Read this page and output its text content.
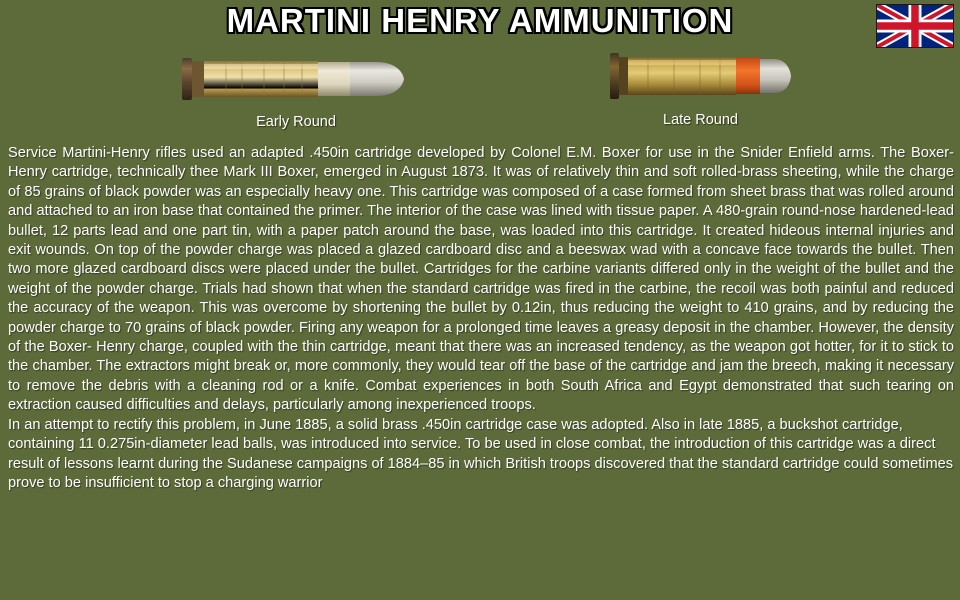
MARTINI HENRY AMMUNITION
Early Round	Late Round

Service Martini-Henry rifles used an adapted .450in cartridge developed by Colonel E.M. Boxer for use in the Snider Enfield arms. The Boxer-Henry cartridge, technically thee Mark III Boxer, emerged in August 1873. It was of relatively thin and soft rolled-brass sheeting, while the charge of 85 grains of black powder was an especially heavy one. This cartridge was composed of a case formed from sheet brass that was rolled around and attached to an iron base that contained the primer. The interior of the case was lined with tissue paper. A 480-grain round-nose hardened-lead bullet, 12 parts lead and one part tin, with a paper patch around the base, was loaded into this cartridge. It created hideous internal injuries and exit wounds. On top of the powder charge was placed a glazed cardboard disc and a beeswax wad with a concave face towards the bullet. Then two more glazed cardboard discs were placed under the bullet. Cartridges for the carbine variants differed only in the weight of the bullet and the weight of the powder charge. Trials had shown that when the standard cartridge was fired in the carbine, the recoil was both painful and reduced the accuracy of the weapon. This was overcome by shortening the bullet by 0.12in, thus reducing the weight to 410 grains, and by reducing the powder charge to 70 grains of black powder. Firing any weapon for a prolonged time leaves a greasy deposit in the chamber. However, the density of the Boxer- Henry charge, coupled with the thin cartridge, meant that there was an increased tendency, as the weapon got hotter, for it to stick to the chamber. The extractors might break or, more commonly, they would tear off the base of the cartridge and jam the breech, making it necessary to remove the debris with a cleaning rod or a knife. Combat experiences in both South Africa and Egypt demonstrated that such tearing on extraction caused difficulties and delays, particularly among inexperienced troops.

In an attempt to rectify this problem, in June 1885, a solid brass .450in cartridge case was adopted. Also in late 1885, a buckshot cartridge, containing 11 0.275in-diameter lead balls, was introduced into service. To be used in close combat, the introduction of this cartridge was a direct result of lessons learnt during the Sudanese campaigns of 1884–85 in which British troops discovered that the standard cartridge could sometimes prove to be insufficient to stop a charging warrior
